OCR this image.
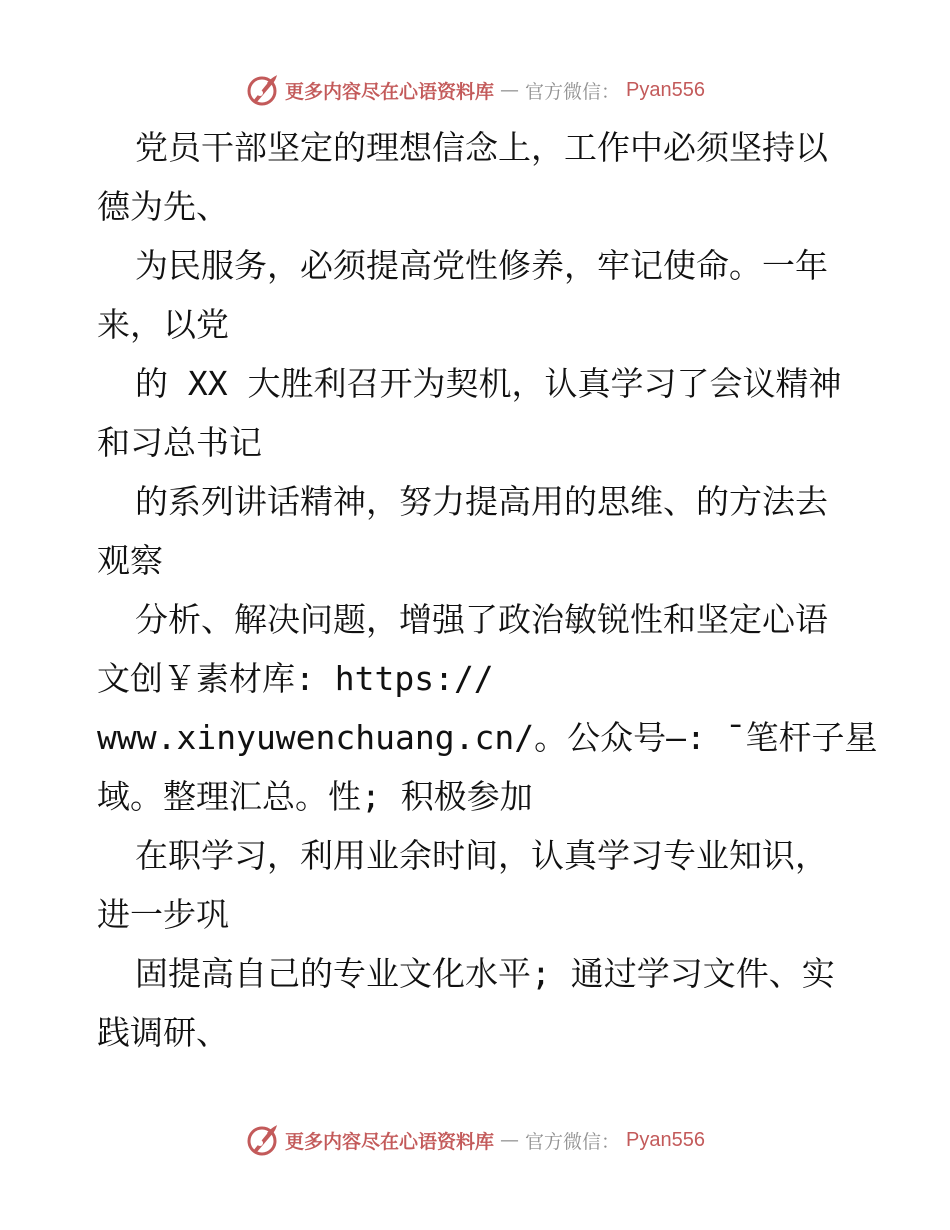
更多内容尽在心语资料库 — 官方微信： Pyan556
党员干部坚定的理想信念上，工作中必须坚持以
德为先、
为民服务，必须提高党性修养，牢记使命。一年
来，以党
的 XX 大胜利召开为契机，认真学习了会议精神
和习总书记
的系列讲话精神，努力提高用的思维、的方法去
观察
分析、解决问题，增强了政治敏锐性和坚定心语
文创￥素材库: https://
www.xinyuwenchuang.cn/。公众号—: ¯笔杆子星
域。整理汇总。性; 积极参加
在职学习，利用业余时间，认真学习专业知识，
进一步巩
固提高自己的专业文化水平; 通过学习文件、实
践调研、
更多内容尽在心语资料库 — 官方微信： Pyan556
